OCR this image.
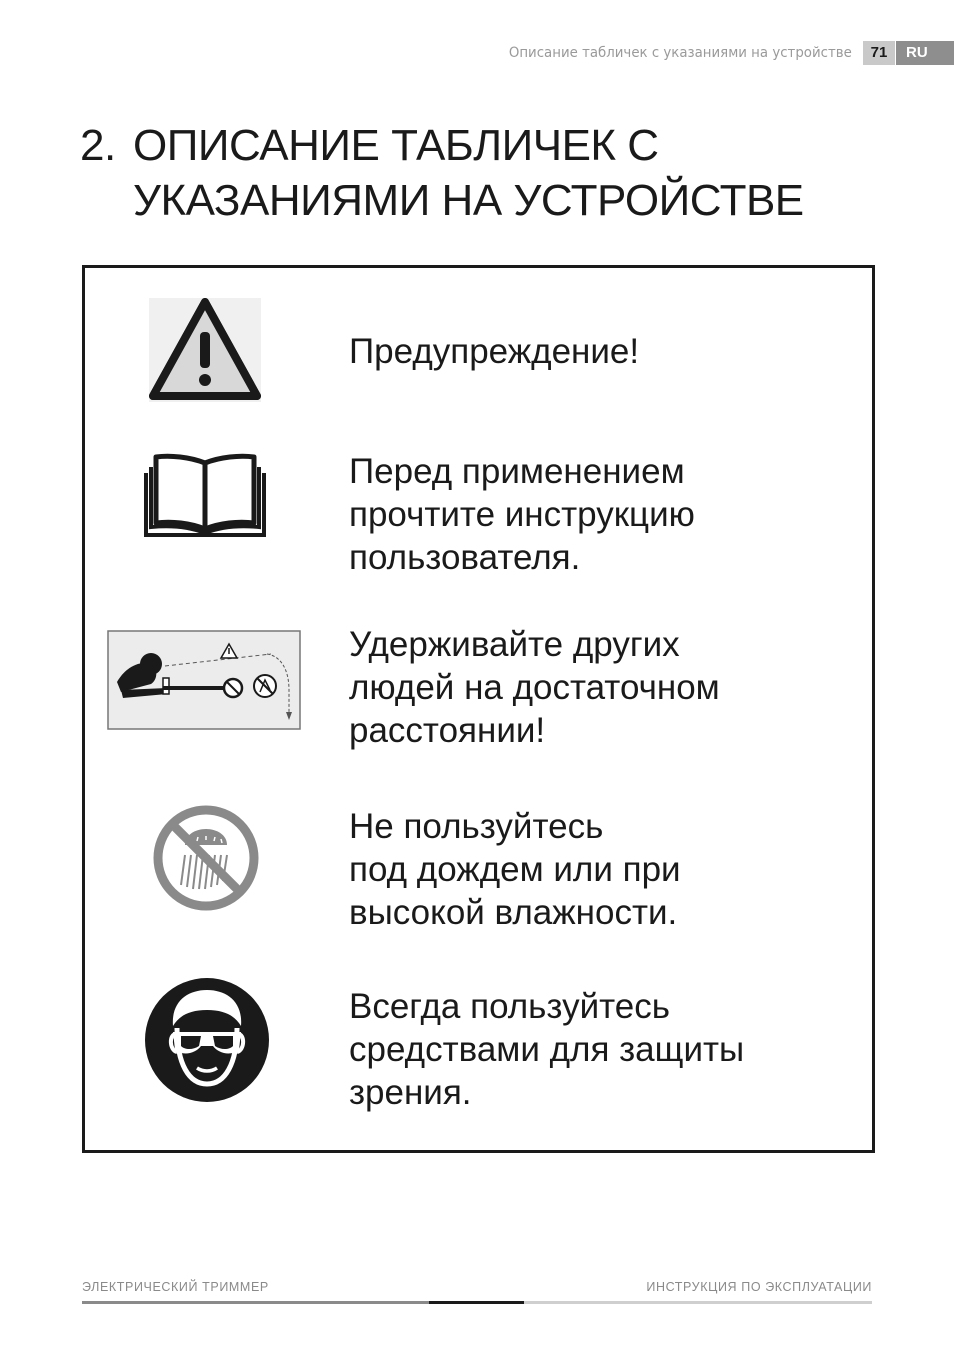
Описание табличек с указаниями на устройстве	71	RU
2. ОПИСАНИЕ ТАБЛИЧЕК С
УКАЗАНИЯМИ НА УСТРОЙСТВЕ

Предупреждение!

Перед применением
прочтите инструкцию
пользователя.

Удерживайте других
людей на достаточном
расстоянии!

Не пользуйтесь
под дождем или при
высокой влажности.

Всегда пользуйтесь
средствами для защиты
зрения.

ЭЛЕКТРИЧЕСКИЙ ТРИММЕР	ИНСТРУКЦИЯ ПО ЭКСПЛУАТАЦИИ
